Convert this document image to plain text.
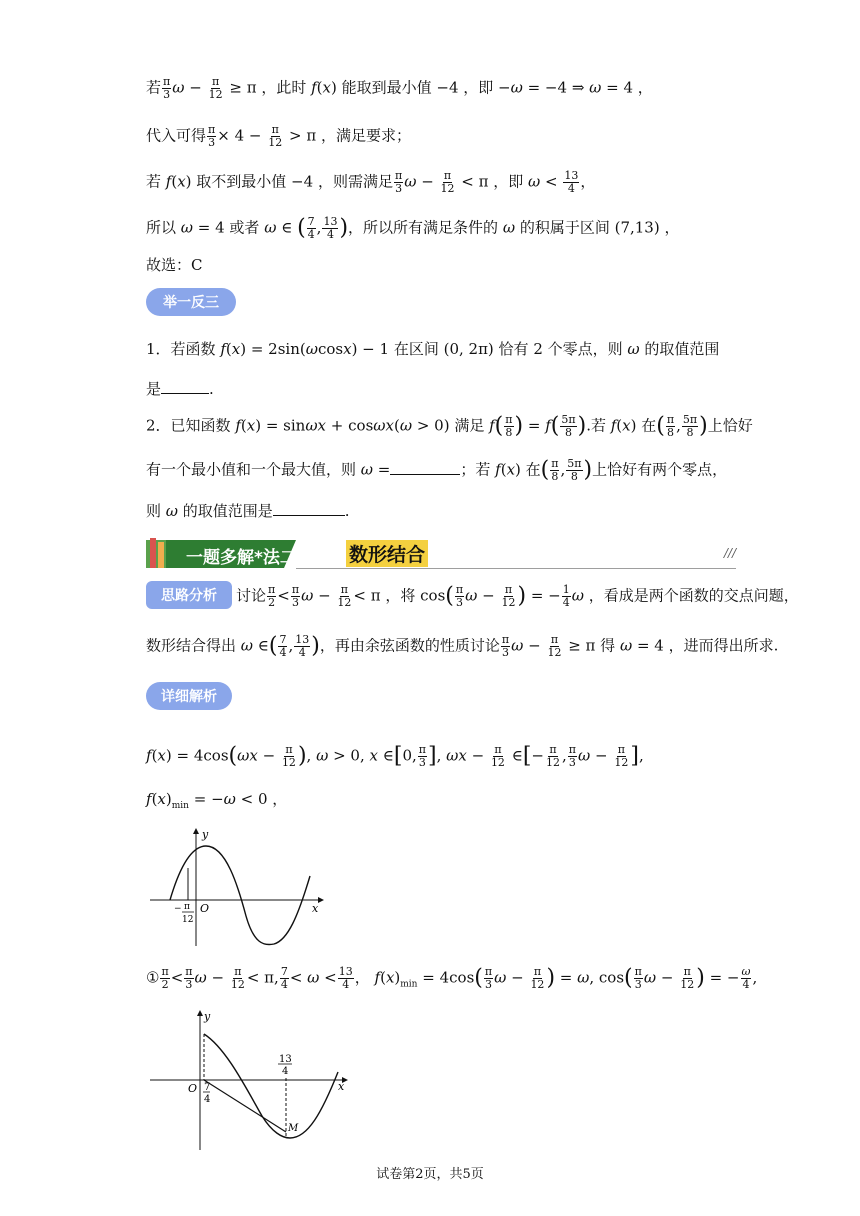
若 $\frac{\pi}{3}$ $\omega - \frac{\pi}{12} \ge \pi$ ，此时 f(x) 能取到最小值 −4 ，即 −ω = −4 ⇒ ω = 4 ，
代入可得 $\frac{\pi}{3} \times 4 - \frac{\pi}{12} > \pi$ ，满足要求；
若 f(x) 取不到最小值 −4 ，则需满足 $\frac{\pi}{3}$ $\omega - \frac{\pi}{12} < \pi$ ，即 $\omega < \frac{13}{4}$ ，
所以 ω = 4 或者 ω ∈ ( $\frac{7}{4}$ , $\frac{13}{4}$ )，所以所有满足条件的 ω 的积属于区间 (7,13) ，
故选：C
举一反三
1．若函数 f(x) = 2sin(ωcosx) − 1 在区间 (0, 2π) 恰有 2 个零点，则 ω 的取值范围
是	.
2．已知函数 f(x) = sinωx + cosωx(ω > 0) 满足 $f( \frac{\pi}{8}$ ) = $f( \frac{5\pi}{8}$ ).若 f(x) 在( $\frac{\pi}{8}$ , $\frac{5\pi}{8}$ )上恰好
有一个最小值和一个最大值，则 ω =	；若 f(x) 在( $\frac{\pi}{8}$ , $\frac{5\pi}{8}$ )上恰好有两个零点，
则 ω 的取值范围是	.
一题多解*法二	数形结合	///
思路分析	讨论 $\frac{\pi}{2} < \frac{\pi}{3}$ $\omega - \frac{\pi}{12} < \pi$ ，将 $\cos( \frac{\pi}{3}$ $\omega - \frac{\pi}{12}$ ) = − $\frac{1}{4}$ ω ，看成是两个函数的交点问题，
数形结合得出 ω ∈( $\frac{7}{4}$ , $\frac{13}{4}$ )，再由余弦函数的性质讨论 $\frac{\pi}{3}$ $\omega - \frac{\pi}{12} \ge \pi$ 得 ω = 4 ，进而得出所求.
详细解析
$f(x) = 4\cos(\omega x - \frac{\pi}{12}$ ), ω > 0, x ∈[0, $\frac{\pi}{3}$ ], $\omega x - \frac{\pi}{12}$ ∈[− $\frac{\pi}{12}$ , $\frac{\pi}{3}$ $\omega - \frac{\pi}{12}$ ],
$f(x)_{min} = -\omega < 0$ ，
y
x
O
− π
12
① $\frac{\pi}{2} < \frac{\pi}{3}$ $\omega - \frac{\pi}{12} < \pi$, $\frac{7}{4} < \omega < \frac{13}{4}$ ， $f(x)_{min} = 4\cos( \frac{\pi}{3}$ $\omega - \frac{\pi}{12}$ ) = ω, $\cos( \frac{\pi}{3}$ $\omega - \frac{\pi}{12}$ ) = − $\frac{\omega}{4}$ ,
y
x
O 7
4
13
4
M
试卷第2页，共5页
